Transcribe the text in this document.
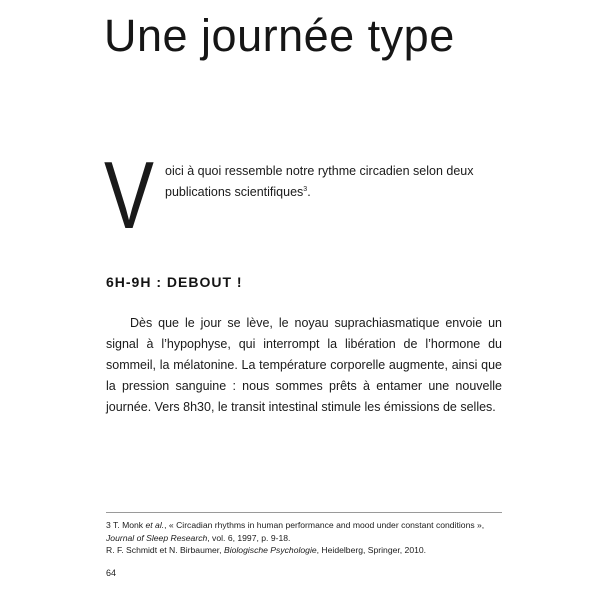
Une journée type
V oici à quoi ressemble notre rythme circadien selon deux publications scientifiques$^3$.

6H-9H : DEBOUT !

Dès que le jour se lève, le noyau suprachiasmatique envoie un signal à l’hypophyse, qui interrompt la libération de l’hormone du sommeil, la mélatonine. La température corporelle augmente, ainsi que la pression sanguine : nous sommes prêts à entamer une nouvelle journée. Vers 8h30, le transit intestinal stimule les émissions de selles.

3 T. Monk et al., « Circadian rhythms in human performance and mood under constant conditions », Journal of Sleep Research, vol. 6, 1997, p. 9-18.

R. F. Schmidt et N. Birbaumer, Biologische Psychologie, Heidelberg, Springer, 2010.

64
